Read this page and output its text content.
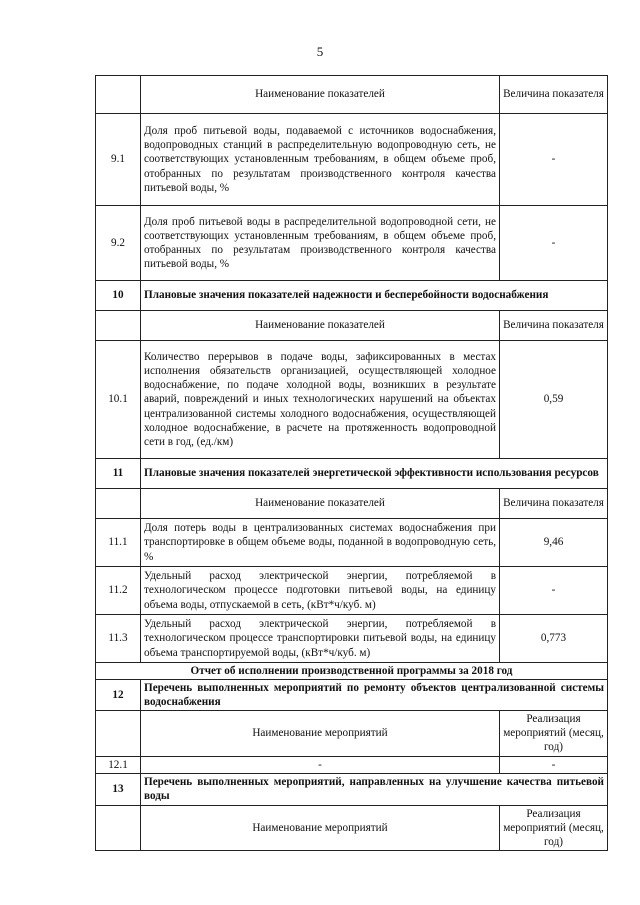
5
	Наименование показателей	Величина показателя
9.1	Доля проб питьевой воды, подаваемой с источников водоснабжения, водопроводных станций в распределительную водопроводную сеть, не соответствующих установленным требованиям, в общем объеме проб, отобранных по результатам производственного контроля качества питьевой воды, %	-
9.2	Доля проб питьевой воды в распределительной водопроводной сети, не соответствующих установленным требованиям, в общем объеме проб, отобранных по результатам производственного контроля качества питьевой воды, %	-
10	Плановые значения показателей надежности и бесперебойности водоснабжения	
	Наименование показателей	Величина показателя
10.1	Количество перерывов в подаче воды, зафиксированных в местах исполнения обязательств организацией, осуществляющей холодное водоснабжение, по подаче холодной воды, возникших в результате аварий, повреждений и иных технологических нарушений на объектах централизованной системы холодного водоснабжения, осуществляющей холодное водоснабжение, в расчете на протяженность водопроводной сети в год, (ед./км)	0,59
11	Плановые значения показателей энергетической эффективности использования ресурсов	
	Наименование показателей	Величина показателя
11.1	Доля потерь воды в централизованных системах водоснабжения при транспортировке в общем объеме воды, поданной в водопроводную сеть, %	9,46
11.2	Удельный расход электрической энергии, потребляемой в технологическом процессе подготовки питьевой воды, на единицу объема воды, отпускаемой в сеть, (кВт*ч/куб. м)	-
11.3	Удельный расход электрической энергии, потребляемой в технологическом процессе транспортировки питьевой воды, на единицу объема транспортируемой воды, (кВт*ч/куб. м)	0,773
Отчет об исполнении производственной программы за 2018 год		
12	Перечень выполненных мероприятий по ремонту объектов централизованной системы водоснабжения	
	Наименование мероприятий	Реализация мероприятий (месяц, год)
12.1	-	-
13	Перечень выполненных мероприятий, направленных на улучшение качества питьевой воды	
	Наименование мероприятий	Реализация мероприятий (месяц, год)
